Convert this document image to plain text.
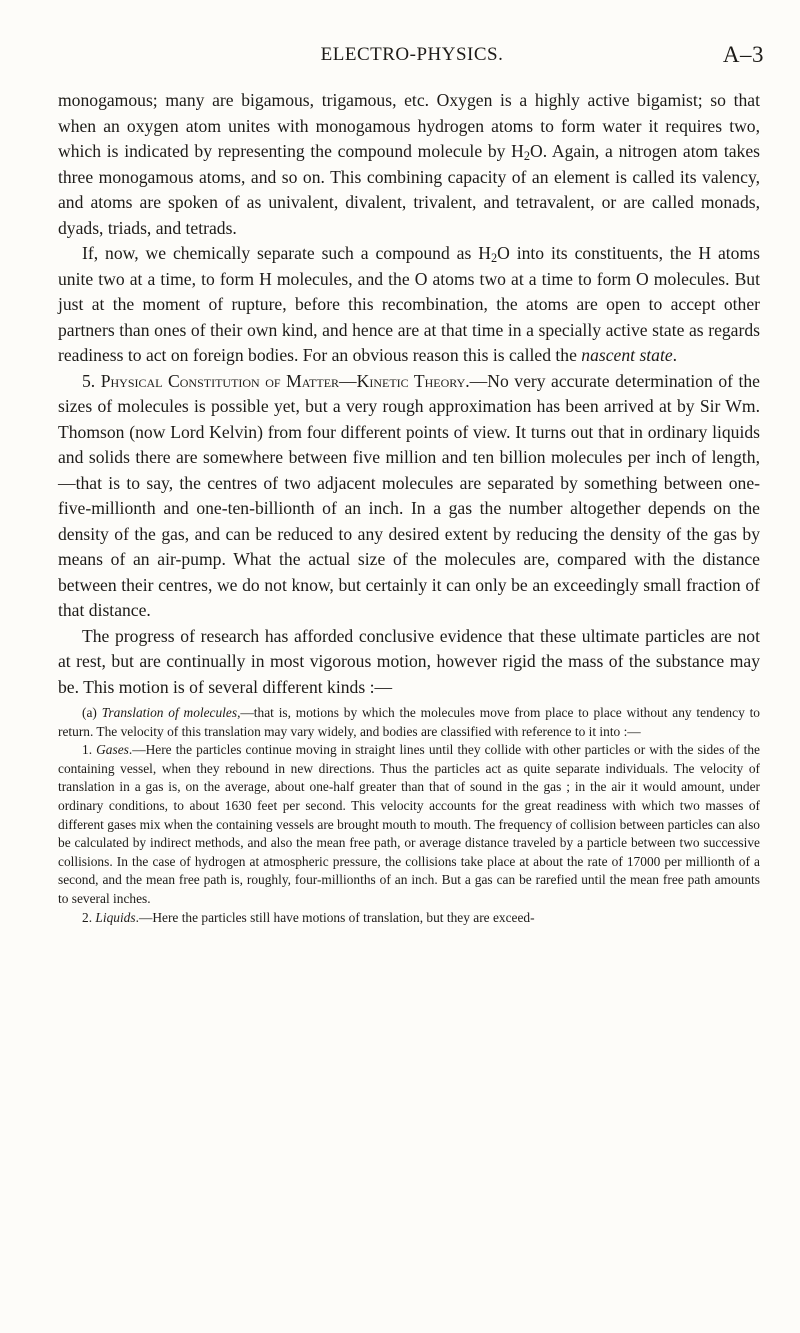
ELECTRO-PHYSICS.	A–3

monogamous; many are bigamous, trigamous, etc. Oxygen is a highly active bigamist; so that when an oxygen atom unites with monogamous hydrogen atoms to form water it requires two, which is indicated by representing the compound molecule by $H_2O$. Again, a nitrogen atom takes three monogamous atoms, and so on. This combining capacity of an element is called its valency, and atoms are spoken of as univalent, divalent, trivalent, and tetravalent, or are called monads, dyads, triads, and tetrads.

If, now, we chemically separate such a compound as $H_2O$ into its constituents, the H atoms unite two at a time, to form H molecules, and the O atoms two at a time to form O molecules. But just at the moment of rupture, before this recombination, the atoms are open to accept other partners than ones of their own kind, and hence are at that time in a specially active state as regards readiness to act on foreign bodies. For an obvious reason this is called the nascent state.

5. Physical Constitution of Matter—Kinetic Theory.—No very accurate determination of the sizes of molecules is possible yet, but a very rough approximation has been arrived at by Sir Wm. Thomson (now Lord Kelvin) from four different points of view. It turns out that in ordinary liquids and solids there are somewhere between five million and ten billion molecules per inch of length,—that is to say, the centres of two adjacent molecules are separated by something between one-five-millionth and one-ten-billionth of an inch. In a gas the number altogether depends on the density of the gas, and can be reduced to any desired extent by reducing the density of the gas by means of an air-pump. What the actual size of the molecules are, compared with the distance between their centres, we do not know, but certainly it can only be an exceedingly small fraction of that distance.

The progress of research has afforded conclusive evidence that these ultimate particles are not at rest, but are continually in most vigorous motion, however rigid the mass of the substance may be. This motion is of several different kinds :—

(a) Translation of molecules,—that is, motions by which the molecules move from place to place without any tendency to return. The velocity of this translation may vary widely, and bodies are classified with reference to it into :—

1. Gases.—Here the particles continue moving in straight lines until they collide with other particles or with the sides of the containing vessel, when they rebound in new directions. Thus the particles act as quite separate individuals. The velocity of translation in a gas is, on the average, about one-half greater than that of sound in the gas ; in the air it would amount, under ordinary conditions, to about 1630 feet per second. This velocity accounts for the great readiness with which two masses of different gases mix when the containing vessels are brought mouth to mouth. The frequency of collision between particles can also be calculated by indirect methods, and also the mean free path, or average distance traveled by a particle between two successive collisions. In the case of hydrogen at atmospheric pressure, the collisions take place at about the rate of 17000 per millionth of a second, and the mean free path is, roughly, four-millionths of an inch. But a gas can be rarefied until the mean free path amounts to several inches.

2. Liquids.—Here the particles still have motions of translation, but they are exceed-
